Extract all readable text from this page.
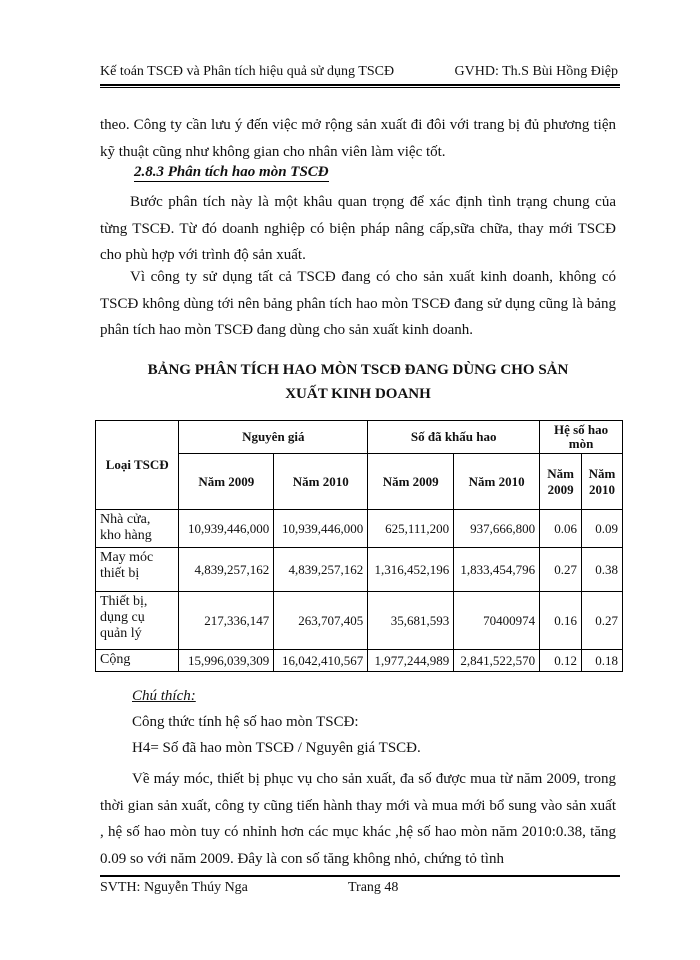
Kế toán TSCĐ và Phân tích hiệu quả sử dụng TSCĐ	GVHD: Th.S Bùi Hồng Điệp
theo. Công ty cần lưu ý đến việc mở rộng sản xuất đi đôi với trang bị đủ phương tiện kỹ thuật cũng như không gian cho nhân viên làm việc tốt.
2.8.3 Phân tích hao mòn TSCĐ
Bước phân tích này là một khâu quan trọng để xác định tình trạng chung của từng TSCĐ. Từ đó doanh nghiệp có biện pháp nâng cấp,sữa chữa, thay mới TSCĐ cho phù hợp với trình độ sản xuất.
Vì công ty sử dụng tất cả TSCĐ đang có cho sản xuất kinh doanh, không có TSCĐ không dùng tới nên bảng phân tích hao mòn TSCĐ đang sử dụng cũng là bảng phân tích hao mòn TSCĐ đang dùng cho sản xuất kinh doanh.
BẢNG PHÂN TÍCH HAO MÒN TSCĐ ĐANG DÙNG CHO SẢN
XUẤT KINH DOANH
Loại TSCĐ	Nguyên giá		Số đã khấu hao		Hệ số hao mòn	
	Năm 2009	Năm 2010	Năm 2009	Năm 2010	Năm 2009	Năm 2010
Nhà cửa, kho hàng	10,939,446,000	10,939,446,000	625,111,200	937,666,800	0.06	0.09
May móc thiết bị	4,839,257,162	4,839,257,162	1,316,452,196	1,833,454,796	0.27	0.38
Thiết bị, dụng cụ quản lý	217,336,147	263,707,405	35,681,593	70400974	0.16	0.27
Cộng	15,996,039,309	16,042,410,567	1,977,244,989	2,841,522,570	0.12	0.18
Chú thích:
Công thức tính hệ số hao mòn TSCĐ:
H4= Số đã hao mòn TSCĐ / Nguyên giá TSCĐ.
Về máy móc, thiết bị phục vụ cho sản xuất, đa số được mua từ năm 2009, trong thời gian sản xuất, công ty cũng tiến hành thay mới và mua mới bổ sung vào sản xuất , hệ số hao mòn tuy có nhỉnh hơn các mục khác ,hệ số hao mòn năm 2010:0.38, tăng 0.09 so với năm 2009. Đây là con số tăng không nhỏ, chứng tỏ tình
SVTH: Nguyễn Thúy Nga	Trang 48
